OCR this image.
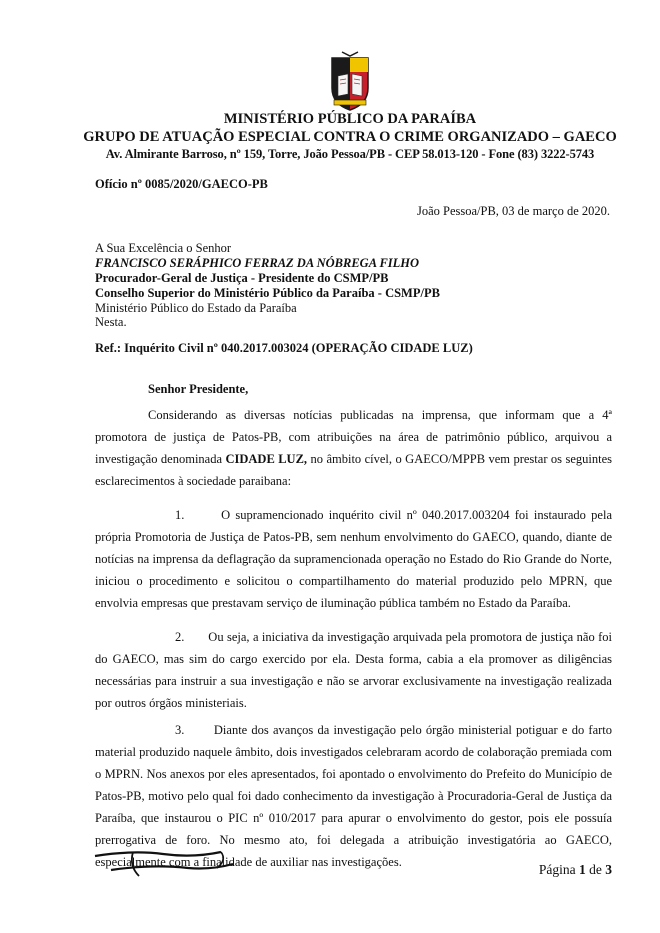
MINISTÉRIO PÚBLICO DA PARAÍBA
GRUPO DE ATUAÇÃO ESPECIAL CONTRA O CRIME ORGANIZADO – GAECO
Av. Almirante Barroso, nº 159, Torre, João Pessoa/PB - CEP 58.013-120 - Fone (83) 3222-5743
Ofício nº 0085/2020/GAECO-PB
João Pessoa/PB, 03 de março de 2020.
A Sua Excelência o Senhor
FRANCISCO SERÁPHICO FERRAZ DA NÓBREGA FILHO
Procurador-Geral de Justiça - Presidente do CSMP/PB
Conselho Superior do Ministério Público da Paraíba - CSMP/PB
Ministério Público do Estado da Paraíba
Nesta.
Ref.: Inquérito Civil nº 040.2017.003024 (OPERAÇÃO CIDADE LUZ)
Senhor Presidente,

Considerando as diversas notícias publicadas na imprensa, que informam que a 4ª promotora de justiça de Patos-PB, com atribuições na área de patrimônio público, arquivou a investigação denominada CIDADE LUZ, no âmbito cível, o GAECO/MPPB vem prestar os seguintes esclarecimentos à sociedade paraibana:

1.	O supramencionado inquérito civil nº 040.2017.003204 foi instaurado pela própria Promotoria de Justiça de Patos-PB, sem nenhum envolvimento do GAECO, quando, diante de notícias na imprensa da deflagração da supramencionada operação no Estado do Rio Grande do Norte, iniciou o procedimento e solicitou o compartilhamento do material produzido pelo MPRN, que envolvia empresas que prestavam serviço de iluminação pública também no Estado da Paraíba.

2. Ou seja, a iniciativa da investigação arquivada pela promotora de justiça não foi do GAECO, mas sim do cargo exercido por ela. Desta forma, cabia a ela promover as diligências necessárias para instruir a sua investigação e não se arvorar exclusivamente na investigação realizada por outros órgãos ministeriais.

3. Diante dos avanços da investigação pelo órgão ministerial potiguar e do farto material produzido naquele âmbito, dois investigados celebraram acordo de colaboração premiada com o MPRN. Nos anexos por eles apresentados, foi apontado o envolvimento do Prefeito do Município de Patos-PB, motivo pelo qual foi dado conhecimento da investigação à Procuradoria-Geral de Justiça da Paraíba, que instaurou o PIC nº 010/2017 para apurar o envolvimento do gestor, pois ele possuía prerrogativa de foro. No mesmo ato, foi delegada a atribuição investigatória ao GAECO, especialmente com a finalidade de auxiliar nas investigações.	Página 1 de 3
